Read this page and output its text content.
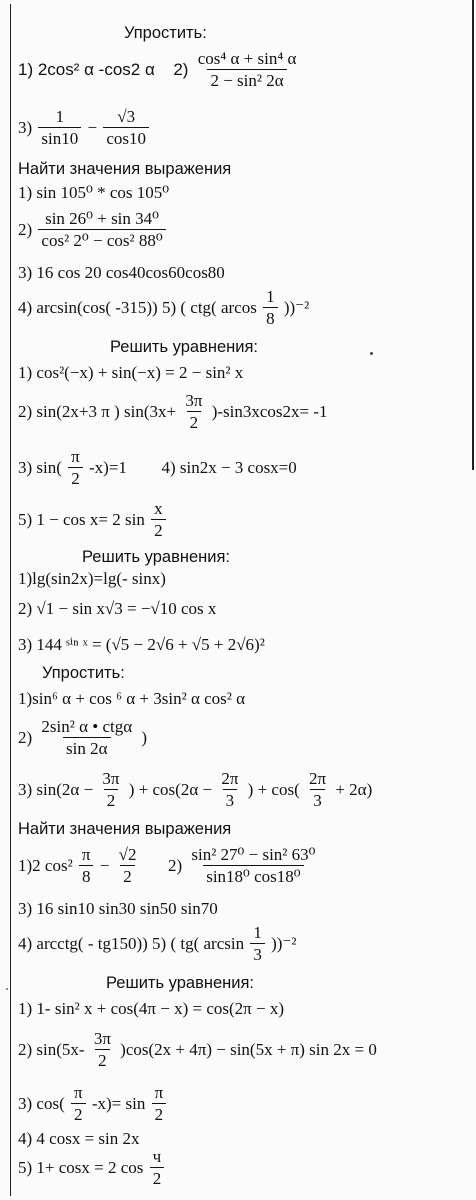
Упростить:
1) 2cos² α -cos2 α $2) \frac{\text{cos⁴ α + sin⁴ α}}{\text{2 − sin² 2α}}$
$3) \frac{1}{\sin 10} - \frac{√3}{\cos 10}$
Найти значения выражения
1) sin 105⁰ * cos 105⁰
$2) \frac{\text{sin 26⁰ + sin 34⁰}}{\text{cos² 2⁰ − cos² 88⁰}}$
3) 16 cos 20 cos40cos60cos80
4) arcsin(cos( -315)) 5) ( ctg( arcos $\frac{1}{8} ))^{-2}$
Решить уравнения:
1) cos²(−x) + sin(−x) = 2 − sin² x
2) sin(2x+3 π ) $\sin(3x+ \frac{3\pi}{2} )-\sin 3xcos2x= -1$
3) $\sin( \frac{\pi}{2} -x)=1$ 4) sin2x − 3 cosx=0
5) 1 − cos x= 2 $\sin \frac{x}{2}$
Решить уравнения:
1)lg(sin2x)=lg(- sinx)
2) √1 − sin x√3 = −√10 cos x
3) 144 ˢⁱⁿ ˣ = (√5 − 2√6 + √5 + 2√6)²
Упростить:
1)sin⁶ α + cos ⁶ α + 3sin² α cos² α
$2) \frac{\text{2sin² α • ctgα}}{\sin 2\alpha}$ )
3) $\sin(2\alpha - \frac{3\pi}{2}$ ) + $\cos(2\alpha - \frac{2\pi}{3}$ ) + $\cos( \frac{2\pi}{3} + 2\alpha)$
Найти значения выражения
1)2 $\cos^2 \frac{\pi}{8} - \frac{√2}{2} 2) \frac{\text{sin² 27⁰ − sin² 63⁰}}{\text{sin18⁰ cos18⁰}}$
3) 16 sin10 sin30 sin50 sin70
4) arcctg( - tg150)) 5) ( tg( $\arcsin \frac{1}{3} ))^{-2}$
Решить уравнения:
1) 1- sin² x + cos(4π − x) = cos(2π − x)
2) $\sin(5x- \frac{3\pi}{2} )\cos(2x + 4\pi) - \sin(5x + \pi)$ sin 2x = 0
3) $\cos( \frac{\pi}{2} -x)= \sin \frac{\pi}{2}$
4) 4 cosx = sin 2x
5) 1+ cosx = 2 $\cos \frac{ч}{2}$
